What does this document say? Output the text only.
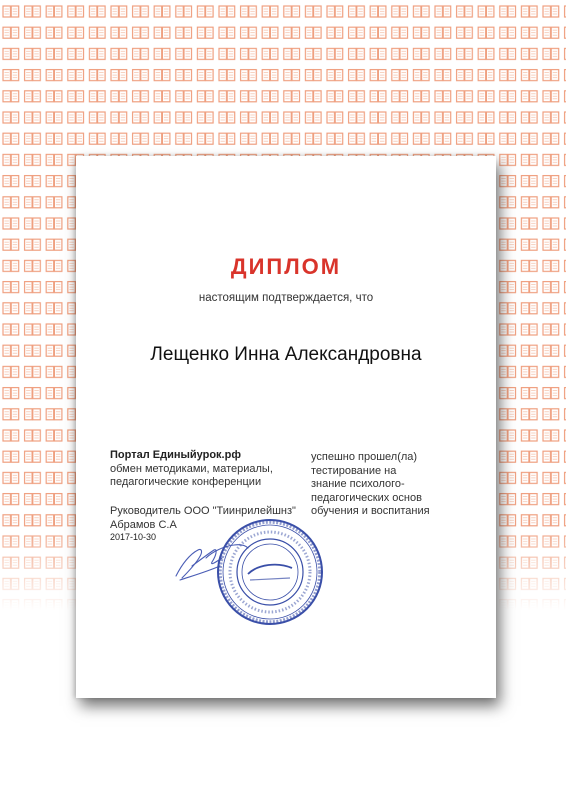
ДИПЛОМ

настоящим подтверждается, что

Лещенко Инна Александровна

Портал Единыйурок.рф
обмен методиками, материалы,
педагогические конференции
Руководитель ООО "Тиинрилейшнз"
Абрамов С.А

2017-10-30

успешно прошел(ла)
тестирование на
знание психолого-
педагогических основ
обучения и воспитания
